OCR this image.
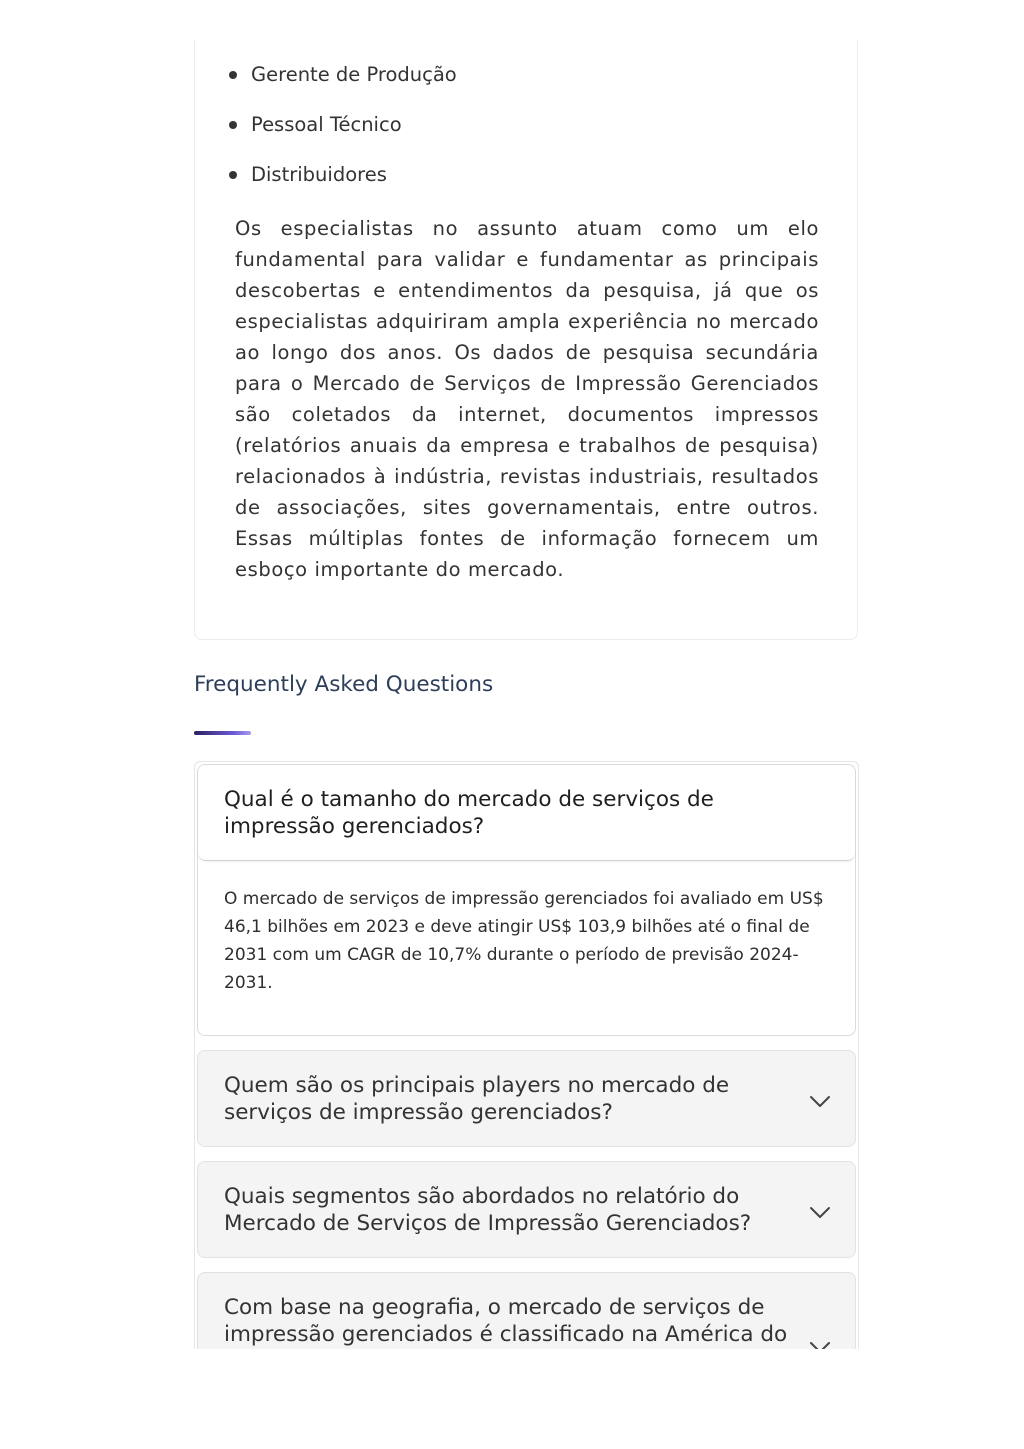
Gerente de Produção
Pessoal Técnico
Distribuidores

Os especialistas no assunto atuam como um elo fundamental para validar e fundamentar as principais descobertas e entendimentos da pesquisa, já que os especialistas adquiriram ampla experiência no mercado ao longo dos anos. Os dados de pesquisa secundária para o Mercado de Serviços de Impressão Gerenciados são coletados da internet, documentos impressos (relatórios anuais da empresa e trabalhos de pesquisa) relacionados à indústria, revistas industriais, resultados de associações, sites governamentais, entre outros. Essas múltiplas fontes de informação fornecem um esboço importante do mercado.

Frequently Asked Questions
Qual é o tamanho do mercado de serviços de impressão gerenciados?

O mercado de serviços de impressão gerenciados foi avaliado em US$ 46,1 bilhões em 2023 e deve atingir US$ 103,9 bilhões até o final de 2031 com um CAGR de 10,7% durante o período de previsão 2024-2031.

Quem são os principais players no mercado de serviços de impressão gerenciados?
Quais segmentos são abordados no relatório do Mercado de Serviços de Impressão Gerenciados?
Com base na geografia, o mercado de serviços de impressão gerenciados é classificado na América do
